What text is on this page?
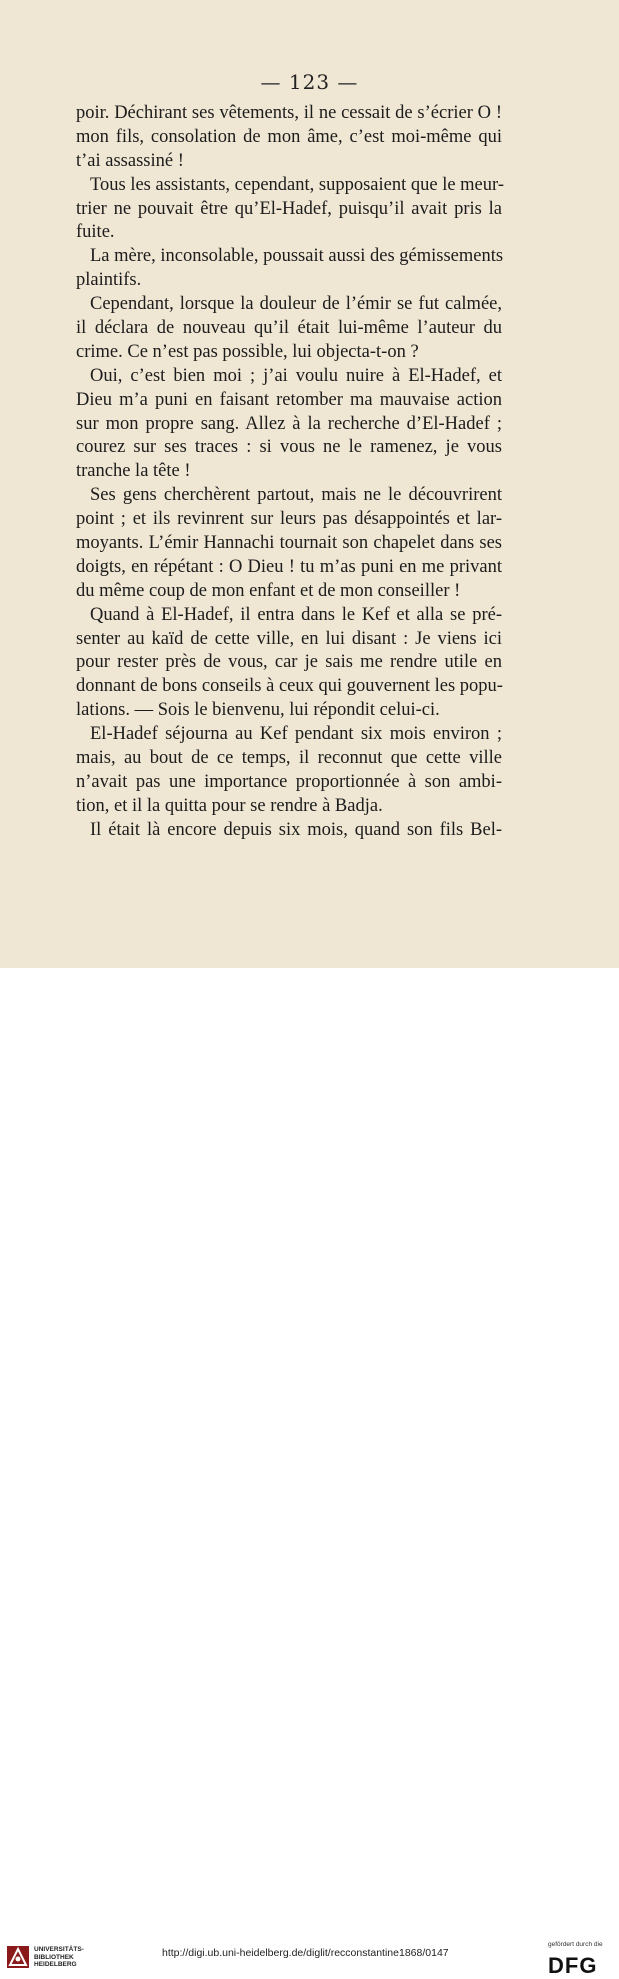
— 123 —
poir. Déchirant ses vêtements, il ne cessait de s’écrier O !
mon fils, consolation de mon âme, c’est moi-même qui
t’ai assassiné !
Tous les assistants, cependant, supposaient que le meur-
trier ne pouvait être qu’El-Hadef, puisqu’il avait pris la
fuite.
La mère, inconsolable, poussait aussi des gémissements
plaintifs.
Cependant, lorsque la douleur de l’émir se fut calmée,
il déclara de nouveau qu’il était lui-même l’auteur du
crime. Ce n’est pas possible, lui objecta-t-on ?
Oui, c’est bien moi ; j’ai voulu nuire à El-Hadef, et
Dieu m’a puni en faisant retomber ma mauvaise action
sur mon propre sang. Allez à la recherche d’El-Hadef ;
courez sur ses traces : si vous ne le ramenez, je vous
tranche la tête !
Ses gens cherchèrent partout, mais ne le découvrirent
point ; et ils revinrent sur leurs pas désappointés et lar-
moyants. L’émir Hannachi tournait son chapelet dans ses
doigts, en répétant : O Dieu ! tu m’as puni en me privant
du même coup de mon enfant et de mon conseiller !
Quand à El-Hadef, il entra dans le Kef et alla se pré-
senter au kaïd de cette ville, en lui disant : Je viens ici
pour rester près de vous, car je sais me rendre utile en
donnant de bons conseils à ceux qui gouvernent les popu-
lations. — Sois le bienvenu, lui répondit celui-ci.
El-Hadef séjourna au Kef pendant six mois environ ;
mais, au bout de ce temps, il reconnut que cette ville
n’avait pas une importance proportionnée à son ambi-
tion, et il la quitta pour se rendre à Badja.
Il était là encore depuis six mois, quand son fils Bel-
UNIVERSITÄTS-
BIBLIOTHEK
HEIDELBERG
http://digi.ub.uni-heidelberg.de/diglit/recconstantine1868/0147
gefördert durch die
DFG
